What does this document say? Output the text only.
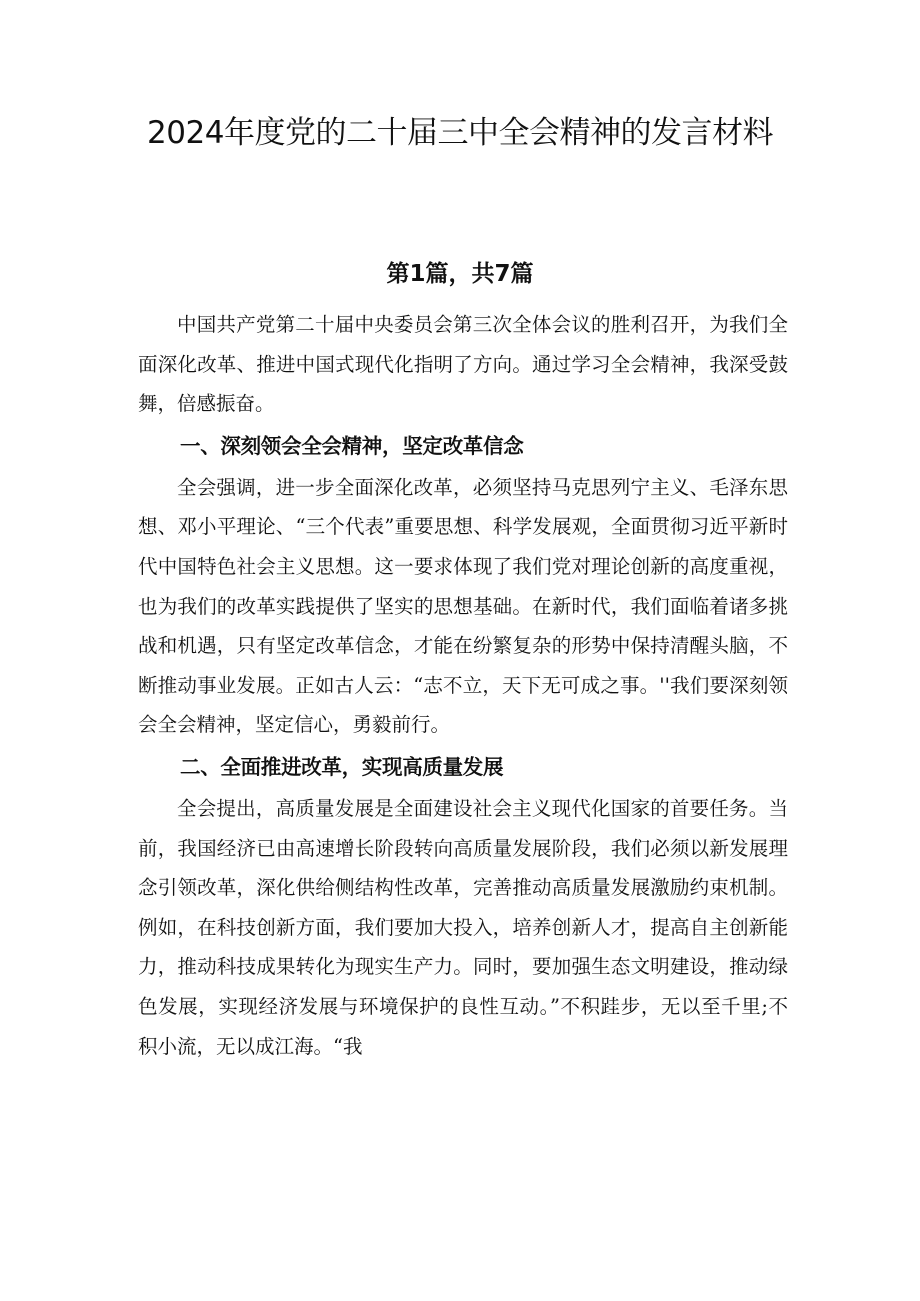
2024年度党的二十届三中全会精神的发言材料
第1篇，共7篇

中国共产党第二十届中央委员会第三次全体会议的胜利召开，为我们全面深化改革、推进中国式现代化指明了方向。通过学习全会精神，我深受鼓舞，倍感振奋。

一、深刻领会全会精神，坚定改革信念

全会强调，进一步全面深化改革，必须坚持马克思列宁主义、毛泽东思想、邓小平理论、“三个代表”重要思想、科学发展观，全面贯彻习近平新时代中国特色社会主义思想。这一要求体现了我们党对理论创新的高度重视，也为我们的改革实践提供了坚实的思想基础。在新时代，我们面临着诸多挑战和机遇，只有坚定改革信念，才能在纷繁复杂的形势中保持清醒头脑，不断推动事业发展。正如古人云：“志不立，天下无可成之事。''我们要深刻领会全会精神，坚定信心，勇毅前行。

二、全面推进改革，实现高质量发展

全会提出，高质量发展是全面建设社会主义现代化国家的首要任务。当前，我国经济已由高速增长阶段转向高质量发展阶段，我们必须以新发展理念引领改革，深化供给侧结构性改革，完善推动高质量发展激励约束机制。例如，在科技创新方面，我们要加大投入，培养创新人才，提高自主创新能力，推动科技成果转化为现实生产力。同时，要加强生态文明建设，推动绿色发展，实现经济发展与环境保护的良性互动。”不积跬步，无以至千里;不积小流，无以成江海。“我
